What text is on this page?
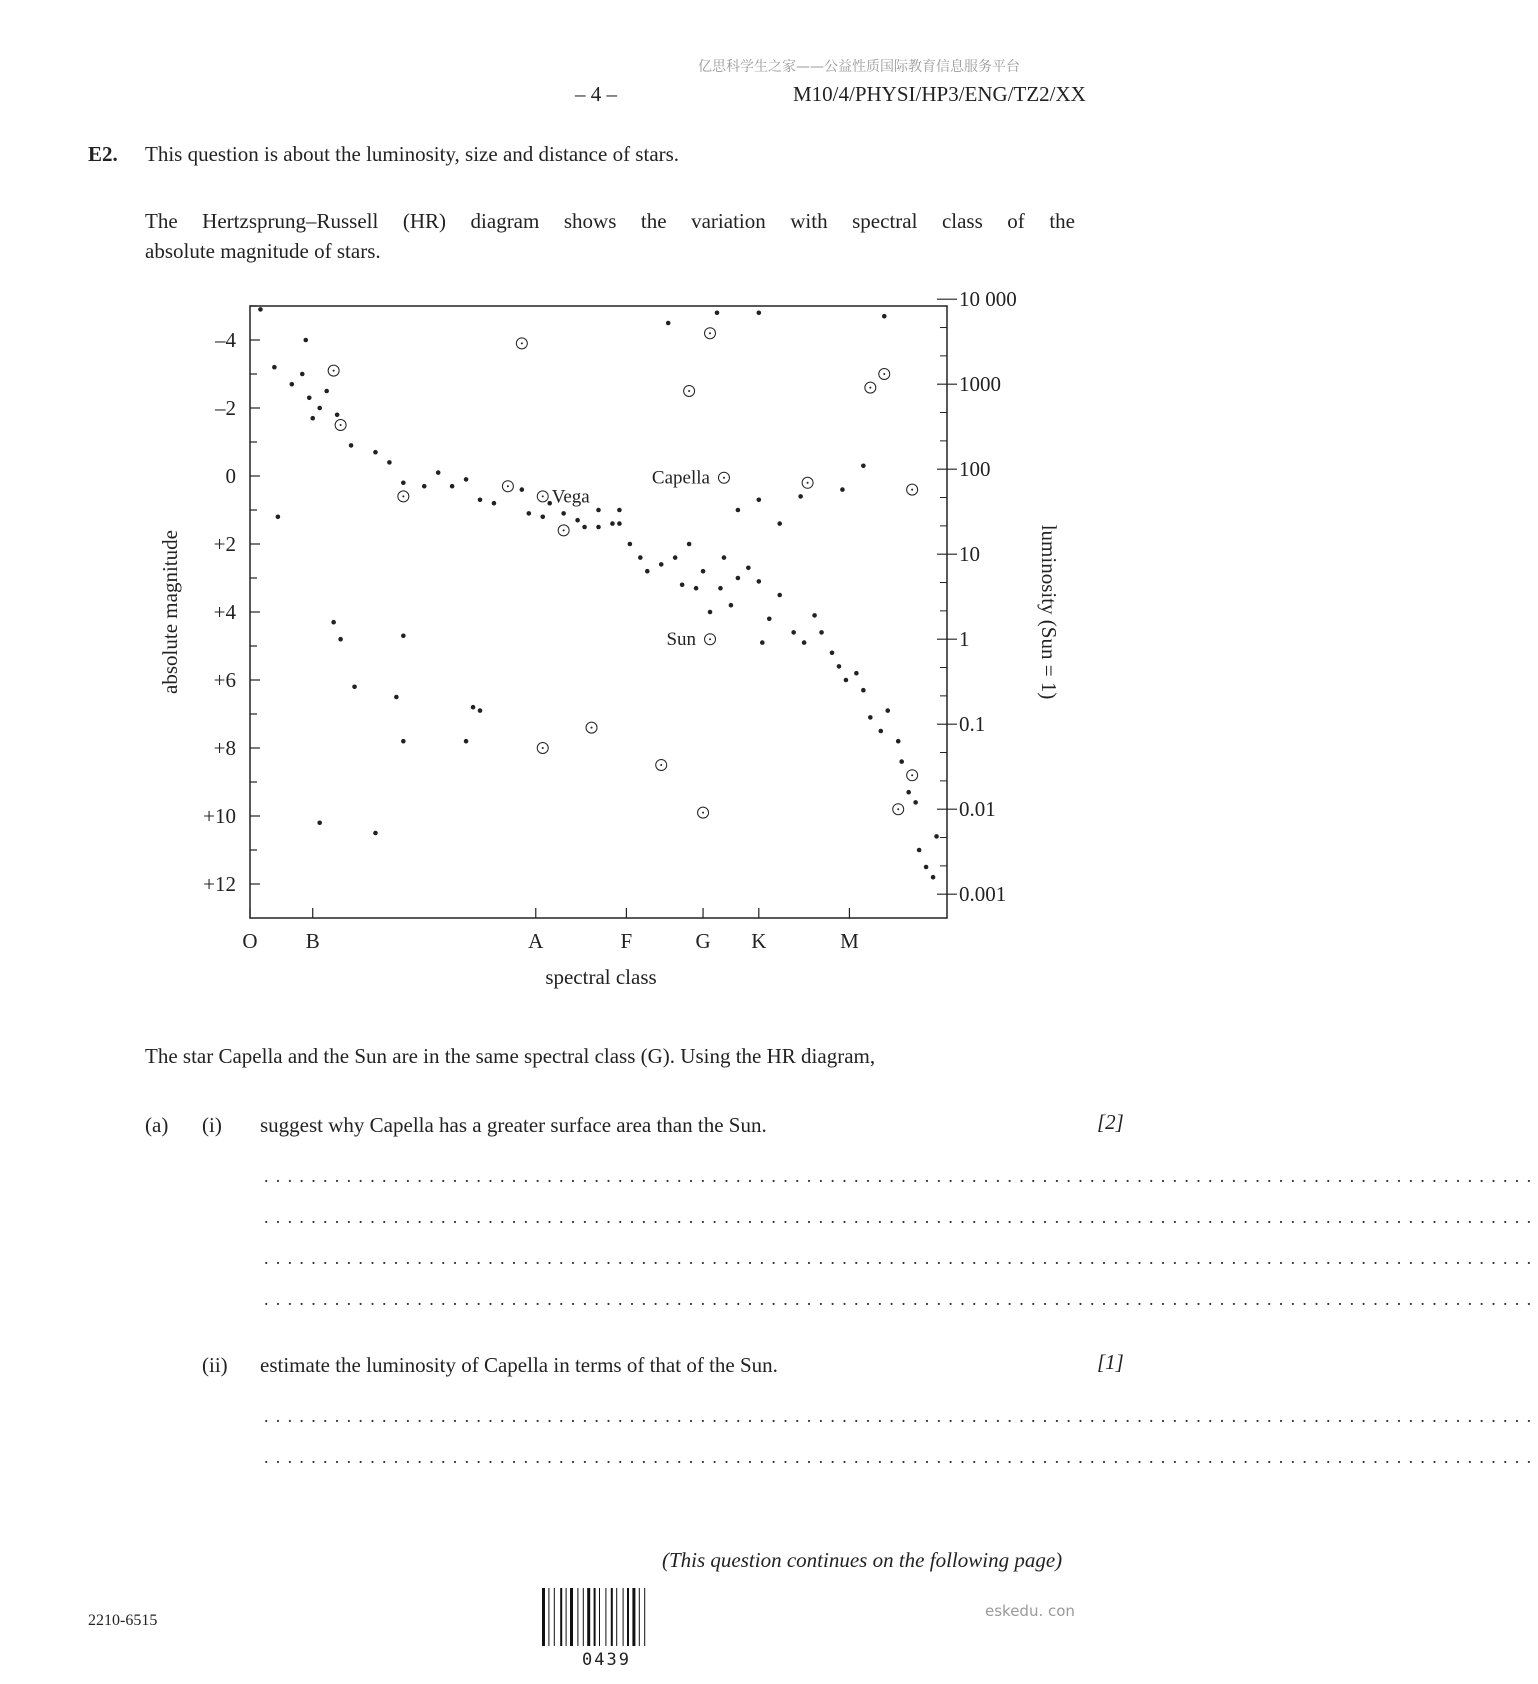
亿思科学生之家——公益性质国际教育信息服务平台
– 4 –	M10/4/PHYSI/HP3/ENG/TZ2/XX
E2. This question is about the luminosity, size and distance of stars.
The Hertzsprung–Russell (HR) diagram shows the variation with spectral class of the
absolute magnitude of stars.
–4
–2
0
+2
+4
+6
+8
+10
+12
10 000
1000
100
10
1
0.1
0.01
0.001
O B	A	F	G K	M
Vega
Capella
Sun
absolute magnitude	luminosity (Sun = 1)
spectral class
The star Capella and the Sun are in the same spectral class (G). Using the HR diagram,
(a) (i) suggest why Capella has a greater surface area than the Sun.	[2]
............................................................................................................
............................................................................................................
............................................................................................................
............................................................................................................
(ii) estimate the luminosity of Capella in terms of that of the Sun.	[1]
............................................................................................................
............................................................................................................
(This question continues on the following page)
2210-6515
0439
eskedu. con
